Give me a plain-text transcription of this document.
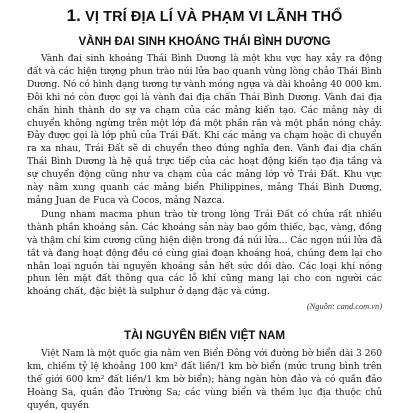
1. VỊ TRÍ ĐỊA LÍ VÀ PHẠM VI LÃNH THỔ
VÀNH ĐAI SINH KHOÁNG THÁI BÌNH DƯƠNG

Vành đai sinh khoáng Thái Bình Dương là một khu vực hay xảy ra động đất và các hiện tượng phun trào núi lửa bao quanh vùng lòng chảo Thái Bình Dương. Nó có hình dạng tương tự vành móng ngựa và dài khoảng 40 000 km. Đôi khi nó còn được gọi là vành đai địa chấn Thái Bình Dương. Vành đai địa chấn hình thành do sự va chạm của các mảng kiến tạo. Các mảng này di chuyển không ngừng trên một lớp đá một phần rắn và một phần nóng chảy. Đây được gọi là lớp phủ của Trái Đất. Khi các mảng va chạm hoặc di chuyển ra xa nhau, Trái Đất sẽ di chuyển theo đúng nghĩa đen. Vành đai địa chấn Thái Bình Dương là hệ quả trực tiếp của các hoạt động kiến tạo địa tầng và sự chuyển động cũng như va chạm của các mảng lớp vỏ Trái Đất. Khu vực này nằm xung quanh các mảng biển Philippines, mảng Thái Bình Dương, mảng Juan de Fuca và Cocos, mảng Nazca.

Dung nham macma phun trào từ trong lòng Trái Đất có chứa rất nhiều thành phần khoáng sản. Các khoáng sản này bao gồm thiếc, bạc, vàng, đồng và thậm chí kim cương cũng hiện diện trong đá núi lửa... Các ngọn núi lửa đã tắt và đang hoạt động đều có cùng giai đoạn khoáng hoá, chúng đem lại cho nhân loại nguồn tài nguyên khoáng sản hết sức dồi dào. Các loại khí nóng phun lên mặt đất thông qua các lỗ khí cũng mang lại cho con người các khoáng chất, đặc biệt là sulphur ở dạng đặc và cứng.

(Nguồn: cand.com.vn)
TÀI NGUYÊN BIỂN VIỆT NAM

Việt Nam là một quốc gia nằm ven Biển Đông với đường bờ biển dài 3 260 km, chiếm tỷ lệ khoảng 100 km² đất liền/1 km bờ biển (mức trung bình trên thế giới 600 km² đất liền/1 km bờ biển); hàng ngàn hòn đảo và có quần đảo Hoàng Sa, quần đảo Trường Sa; các vùng biển và thềm lục địa thuộc chủ quyền, quyền
